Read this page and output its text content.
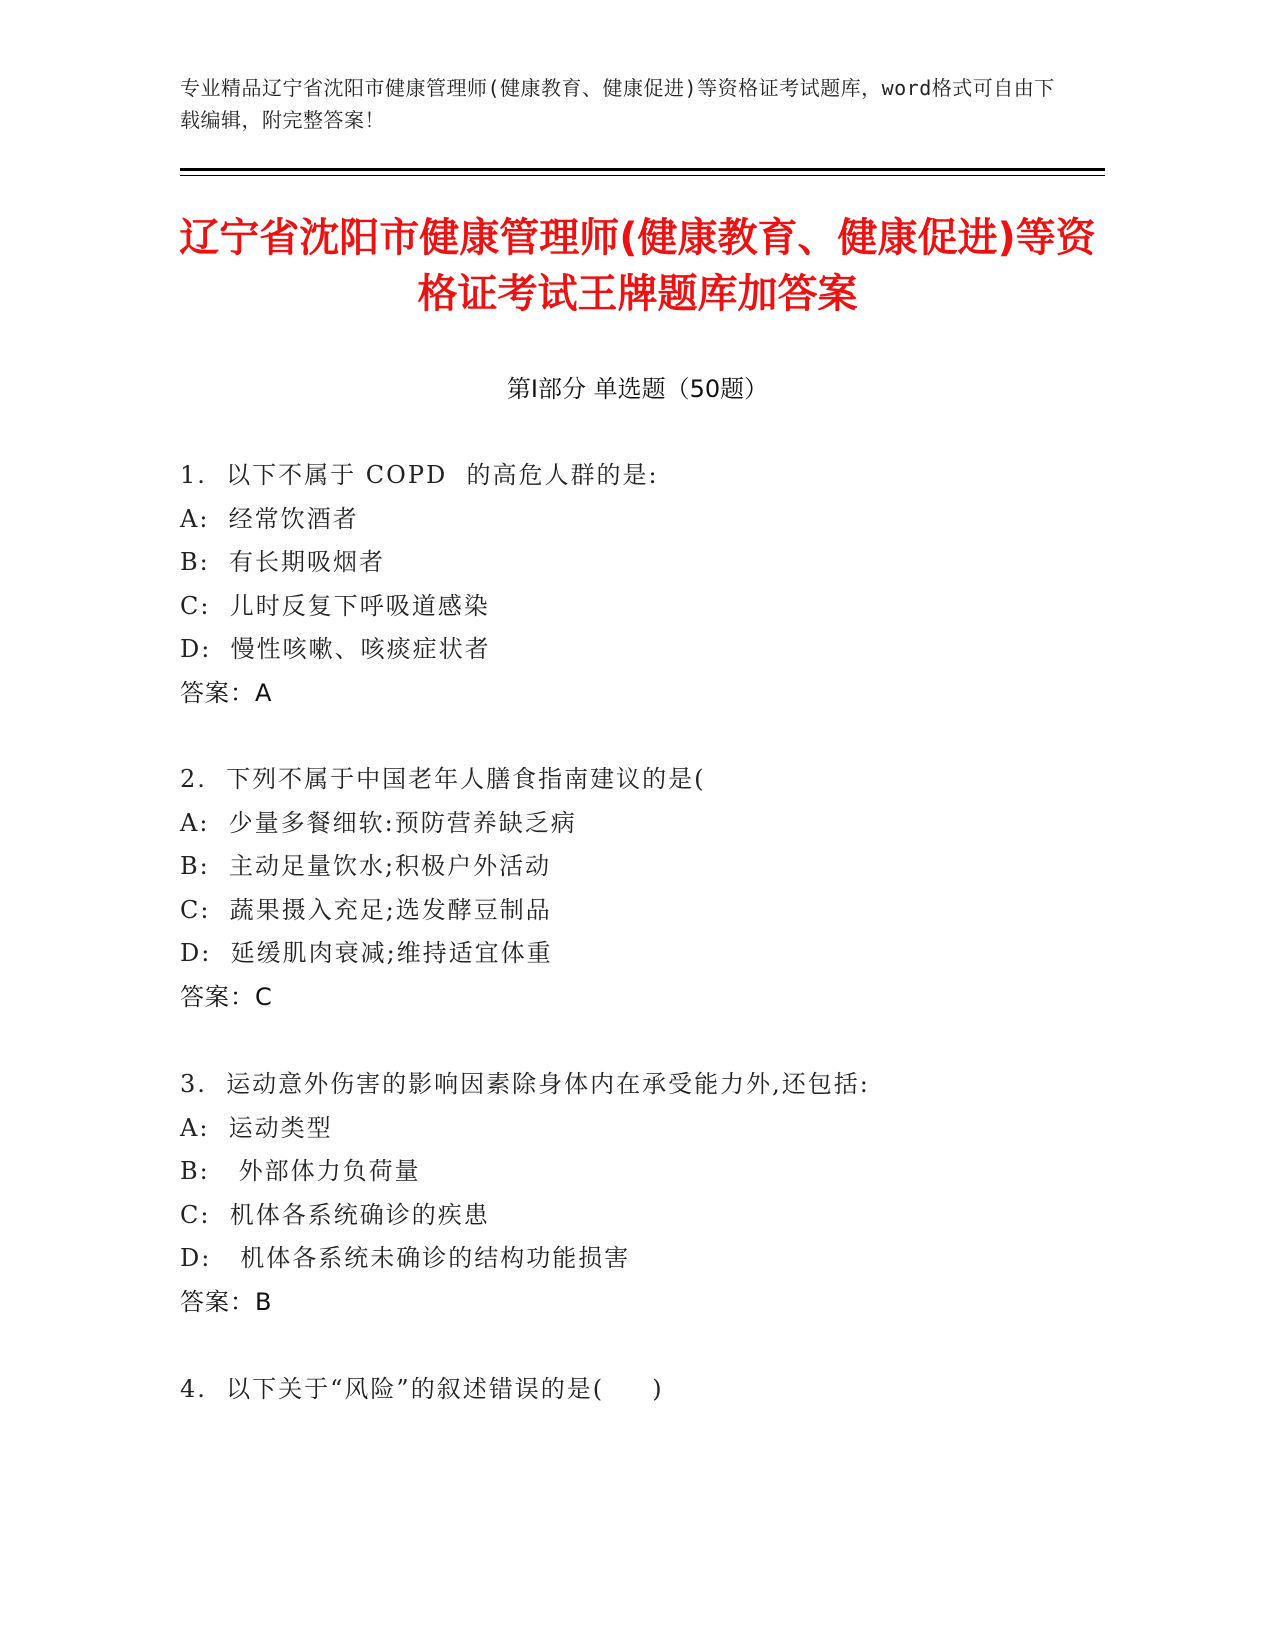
专业精品辽宁省沈阳市健康管理师(健康教育、健康促进)等资格证考试题库，word格式可自由下载编辑，附完整答案！
辽宁省沈阳市健康管理师(健康教育、健康促进)等资格证考试王牌题库加答案
第Ⅰ部分 单选题（50题）
1.  以下不属于 COPD  的高危人群的是:
A:  经常饮酒者
B:  有长期吸烟者
C:  儿时反复下呼吸道感染
D:  慢性咳嗽、咳痰症状者
答案：A
2.  下列不属于中国老年人膳食指南建议的是(
A:  少量多餐细软:预防营养缺乏病
B:  主动足量饮水;积极户外活动
C:  蔬果摄入充足;选发酵豆制品
D:  延缓肌肉衰减;维持适宜体重
答案：C
3.  运动意外伤害的影响因素除身体内在承受能力外,还包括:
A:  运动类型
B:   外部体力负荷量
C:  机体各系统确诊的疾患
D:   机体各系统未确诊的结构功能损害
答案：B
4.  以下关于“风险”的叙述错误的是(     )
